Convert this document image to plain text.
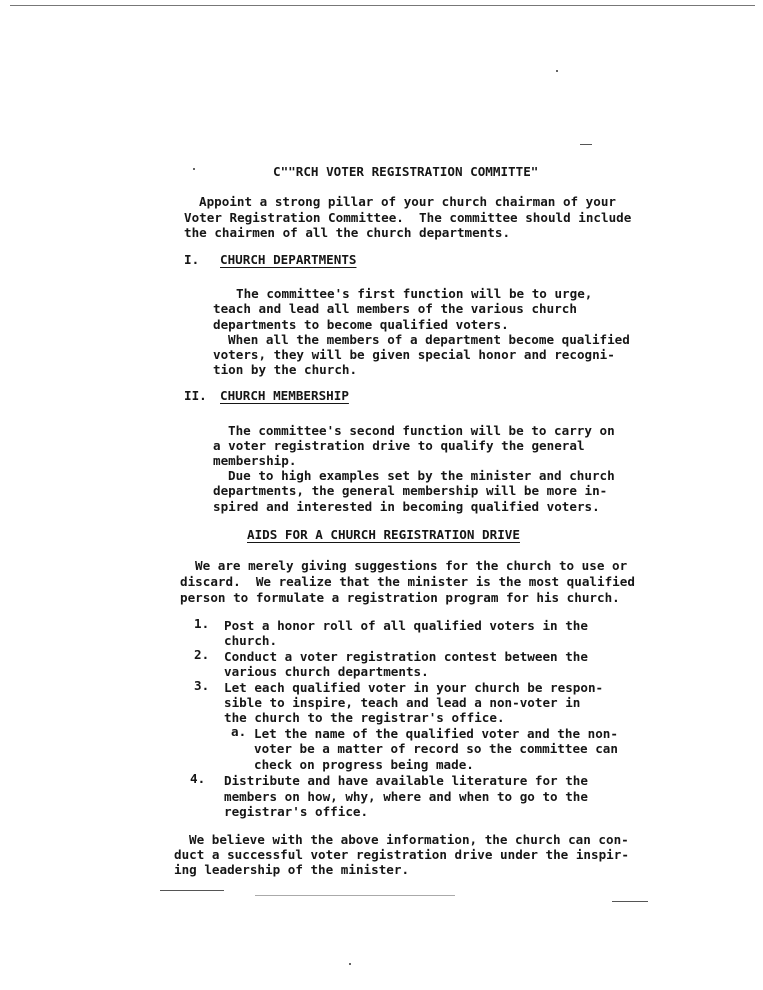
C""RCH VOTER REGISTRATION COMMITTE"
Appoint a strong pillar of your church chairman of your
Voter Registration Committee.  The committee should include
the chairmen of all the church departments.
I. CHURCH DEPARTMENTS
The committee's first function will be to urge,
teach and lead all members of the various church
departments to become qualified voters.
When all the members of a department become qualified
voters, they will be given special honor and recogni-
tion by the church.
II. CHURCH MEMBERSHIP
The committee's second function will be to carry on
a voter registration drive to qualify the general
membership.
Due to high examples set by the minister and church
departments, the general membership will be more in-
spired and interested in becoming qualified voters.
AIDS FOR A CHURCH REGISTRATION DRIVE
We are merely giving suggestions for the church to use or
discard.  We realize that the minister is the most qualified
person to formulate a registration program for his church.
1. Post a honor roll of all qualified voters in the
church.
2. Conduct a voter registration contest between the
various church departments.
3. Let each qualified voter in your church be respon-
sible to inspire, teach and lead a non-voter in
the church to the registrar's office.
a. Let the name of the qualified voter and the non-
voter be a matter of record so the committee can
check on progress being made.
4. Distribute and have available literature for the
members on how, why, where and when to go to the
registrar's office.
We believe with the above information, the church can con-
duct a successful voter registration drive under the inspir-
ing leadership of the minister.
